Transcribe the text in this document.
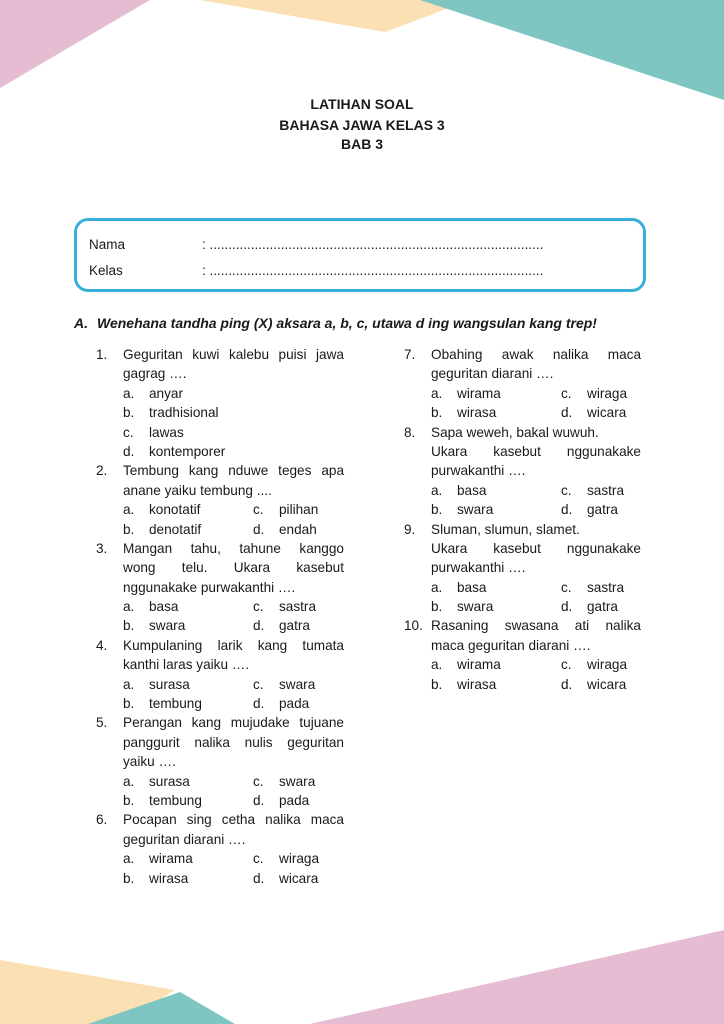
LATIHAN SOAL
BAHASA JAWA KELAS 3
BAB 3
Nama	: .........................................................................................
Kelas	: .........................................................................................
A. Wenehana tandha ping (X) aksara a, b, c, utawa d ing wangsulan kang trep!
1. Geguritan kuwi kalebu puisi jawa
gagrag ….
a. anyar
b. tradhisional
c. lawas
d. kontemporer
2. Tembung kang nduwe teges apa
anane yaiku tembung ....
a. konotatif	c. pilihan
b. denotatif	d. endah
3. Mangan tahu, tahune kanggo
wong telu. Ukara kasebut
nggunakake purwakanthi ….
a. basa	c. sastra
b. swara	d. gatra
4. Kumpulaning larik kang tumata
kanthi laras yaiku ….
a. surasa	c. swara
b. tembung	d. pada
5. Perangan kang mujudake tujuane
panggurit nalika nulis geguritan
yaiku ….
a. surasa	c. swara
b. tembung	d. pada
6. Pocapan sing cetha nalika maca
geguritan diarani ….
a. wirama	c. wiraga
b. wirasa	d. wicara
7. Obahing awak nalika maca
geguritan diarani ….
a. wirama	c. wiraga
b. wirasa	d. wicara
8. Sapa weweh, bakal wuwuh.
Ukara kasebut nggunakake
purwakanthi ….
a. basa	c. sastra
b. swara	d. gatra
9. Sluman, slumun, slamet.
Ukara kasebut nggunakake
purwakanthi ….
a. basa	c. sastra
b. swara	d. gatra
10. Rasaning swasana ati nalika
maca geguritan diarani ….
a. wirama	c. wiraga
b. wirasa	d. wicara
